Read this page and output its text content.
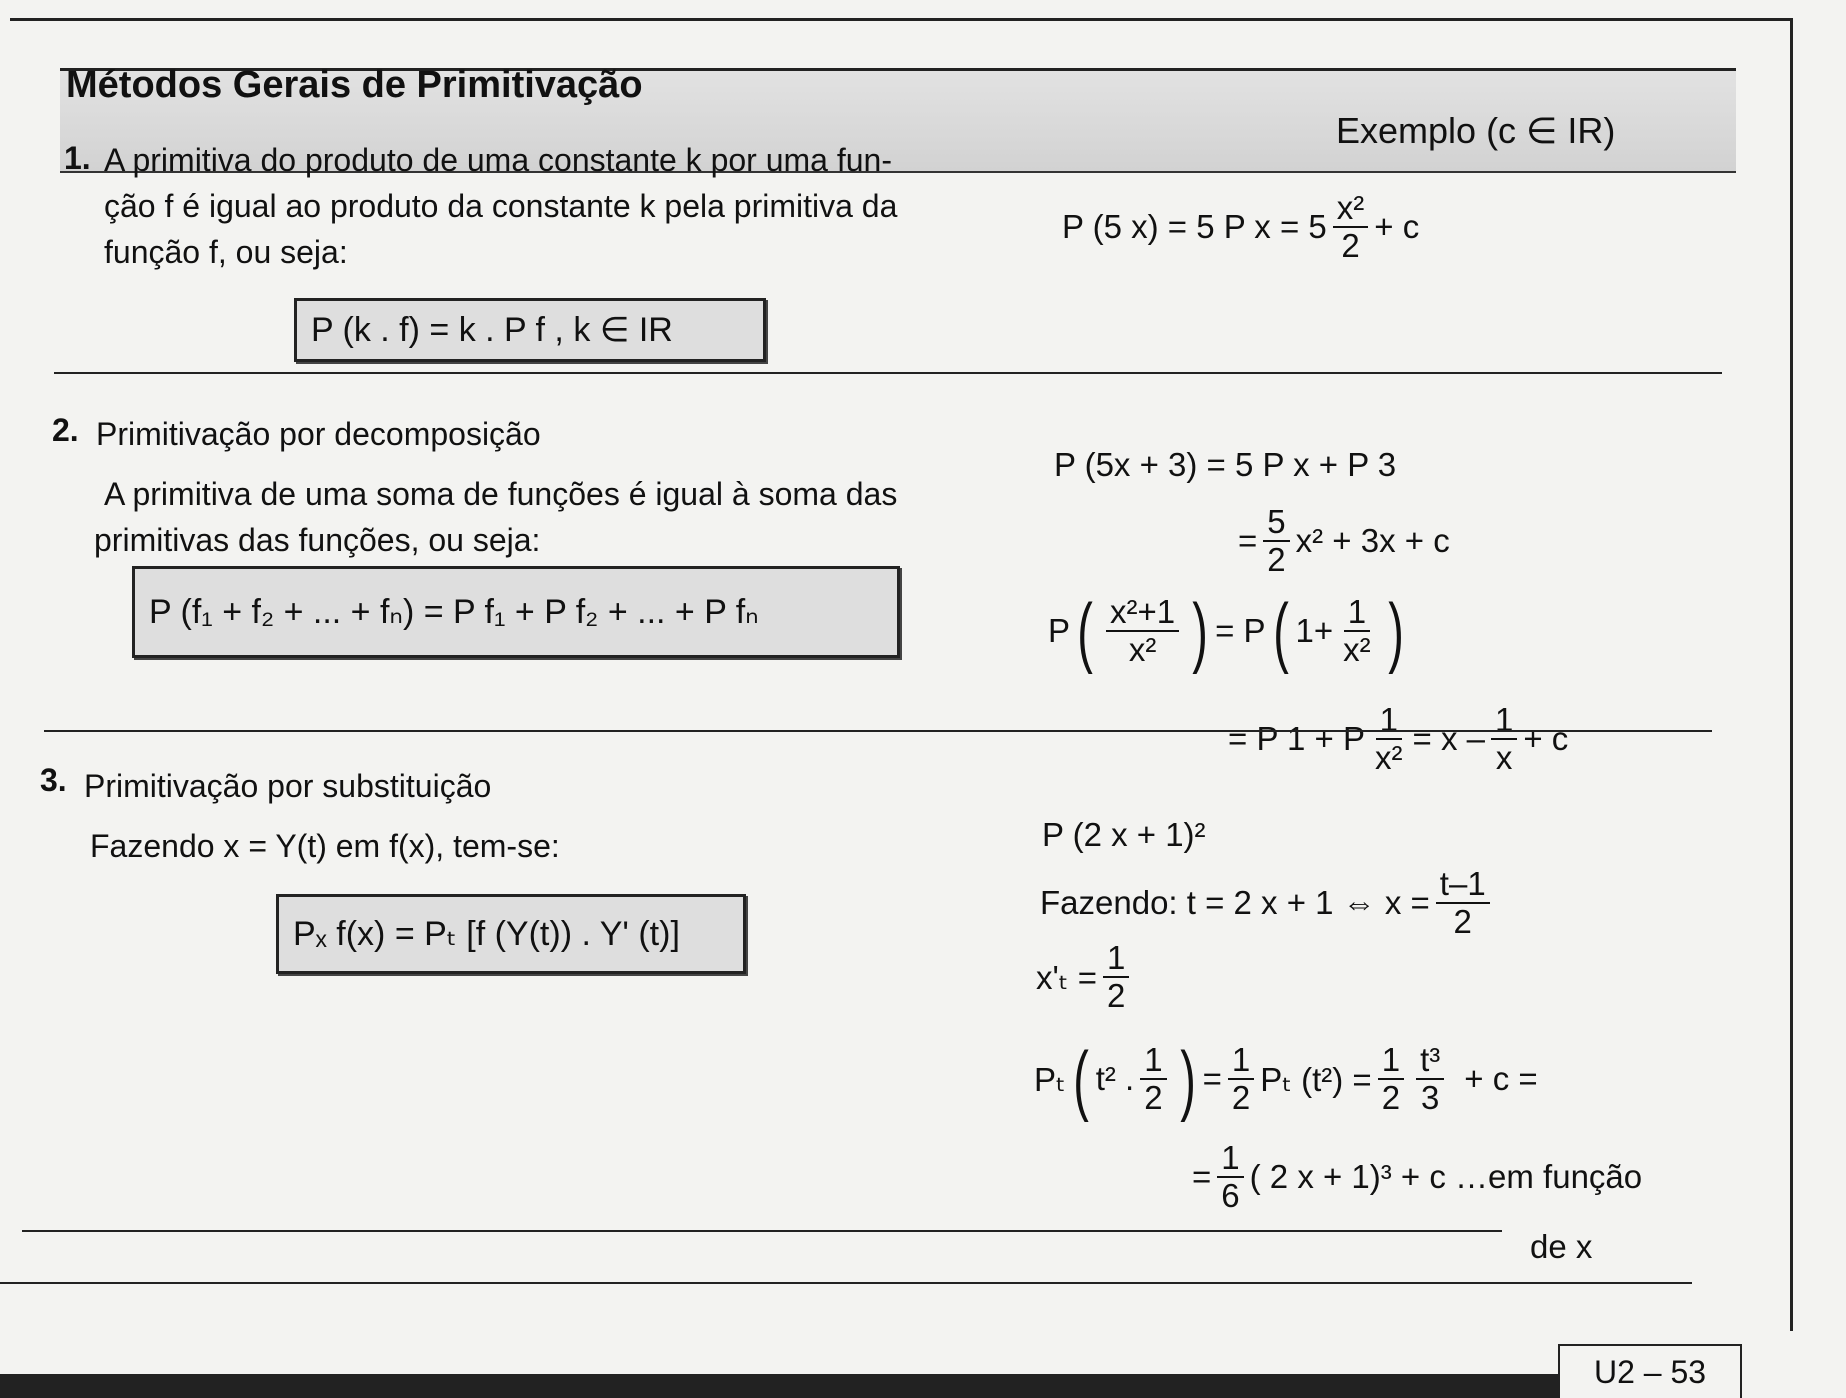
Métodos Gerais de Primitivação
Exemplo (c ∈ IR)
1. A primitiva do produto de uma constante k por uma fun-
ção f é igual ao produto da constante k pela primitiva da
função f, ou seja:
P (k . f) = k . P f , k ∈ IR
P (5 x) = 5 P $x = 5 \frac{\text{x²}}{2} + c$
2. Primitivação por decomposição
A primitiva de uma soma de funções é igual à soma das
primitivas das funções, ou seja:
P (f₁ + f₂ + ... + fₙ) = P f₁ + P f₂ + ... + P fₙ
P (5x + 3) = 5 P x + P 3
= $\frac{5}{2} x^2 + 3x + c$
P ( $\frac{\text{x²+1}}{\text{x²}}$ ) = P ( $1+ \frac{1}{\text{x²}}$ )
= P 1 + P $\frac{1}{\text{x²}} = x - \frac{1}{x} + c$
3. Primitivação por substituição
Fazendo x = Y(t) em f(x), tem-se:
Pₓ f(x) = Pₜ [f (Y(t)) . Y' (t)]
P (2 x + 1)²
Fazendo: t = 2 x + 1 ⇔ $x = \frac{t-1}{2}$
$x'_t = \frac{1}{2}$
Pₜ ( t² . $\frac{1}{2}$ ) = $\frac{1}{2}$ Pₜ $(t^2) = \frac{1}{2} \frac{\text{t³}}{3} + c$ =
= $\frac{1}{6}$ ( 2 x + 1)³ + c …em função
de x
U2 – 53
